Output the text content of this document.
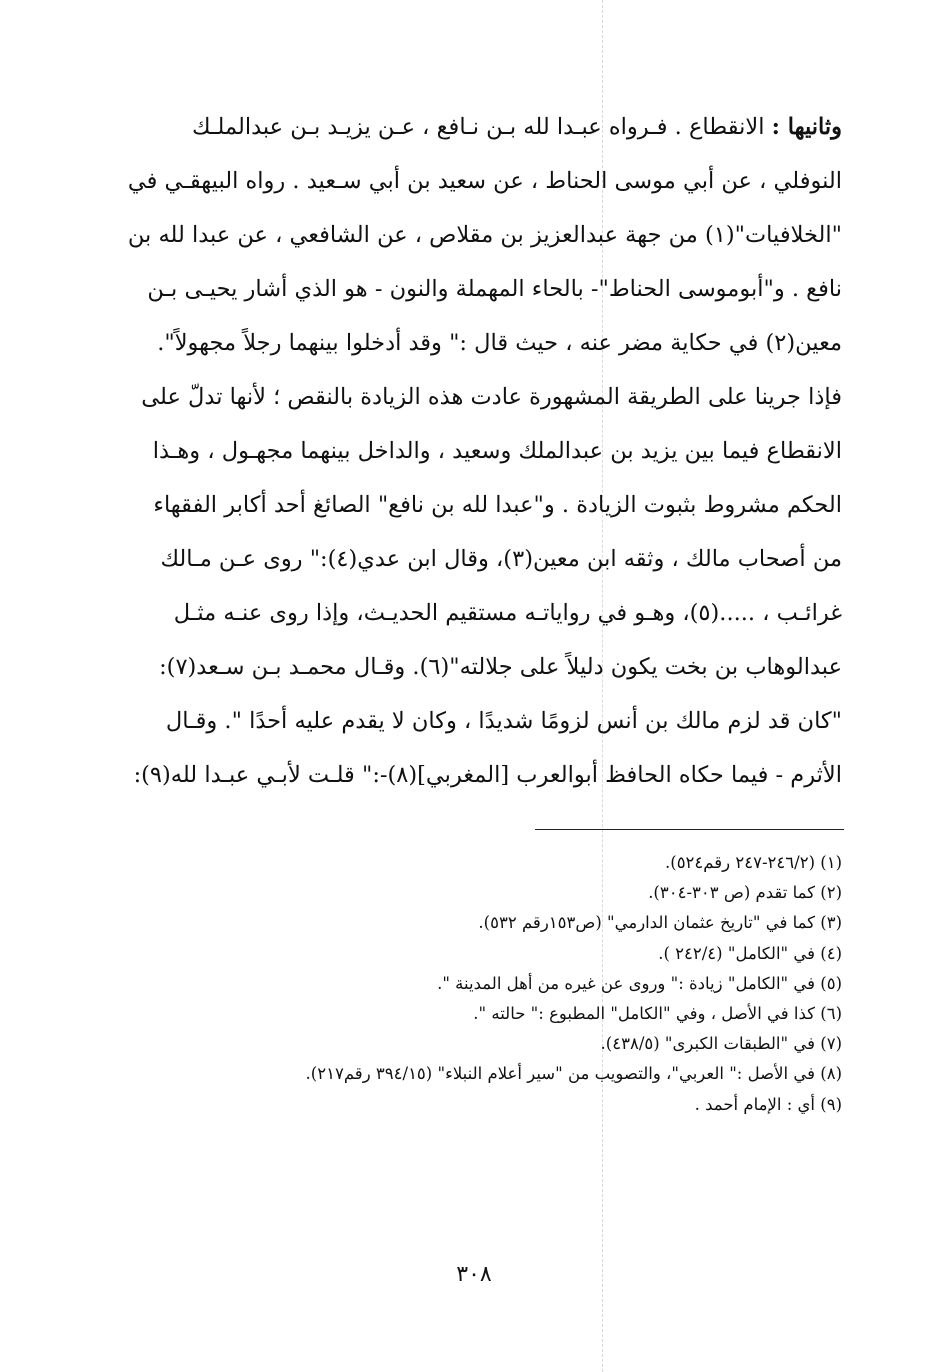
وثانيها : الانقطاع . فـرواه عبـدا لله بـن نـافع ، عـن يزيـد بـن عبدالملـك
النوفلي ، عن أبي موسى الحناط ، عن سعيد بن أبي سـعيد . رواه البيهقـي في
"الخلافيات"(١) من جهة عبدالعزيز بن مقلاص ، عن الشافعي ، عن عبدا لله بن
نافع . و"أبوموسى الحناط"- بالحاء المهملة والنون - هو الذي أشار يحيـى بـن
معين(٢) في حكاية مضر عنه ، حيث قال :" وقد أدخلوا بينهما رجلاً مجهولاً".
فإذا جرينا على الطريقة المشهورة عادت هذه الزيادة بالنقص ؛ لأنها تدلّ على
الانقطاع فيما بين يزيد بن عبدالملك وسعيد ، والداخل بينهما مجهـول ، وهـذا
الحكم مشروط بثبوت الزيادة . و"عبدا لله بن نافع" الصائغ أحد أكابر الفقهاء
من أصحاب مالك ، وثقه ابن معين(٣)، وقال ابن عدي(٤):" روى عـن مـالك
غرائـب ، .....(٥)، وهـو في رواياتـه مستقيم الحديـث، وإذا روى عنـه مثـل
عبدالوهاب بن بخت يكون دليلاً على جلالته"(٦). وقـال محمـد بـن سـعد(٧):
"كان قد لزم مالك بن أنس لزومًا شديدًا ، وكان لا يقدم عليه أحدًا ". وقـال
الأثرم - فيما حكاه الحافظ أبوالعرب [المغربي](٨)-:" قلـت لأبـي عبـدا لله(٩):
(١) (٢٤٦/٢-٢٤٧ رقم٥٢٤).
(٢) كما تقدم (ص ٣٠٣-٣٠٤).
(٣) كما في "تاريخ عثمان الدارمي" (ص١٥٣رقم ٥٣٢).
(٤) في "الكامل" (٢٤٢/٤ ).
(٥) في "الكامل" زيادة :" وروى عن غيره من أهل المدينة ".
(٦) كذا في الأصل ، وفي "الكامل" المطبوع :" حالته ".
(٧) في "الطبقات الكبرى" (٤٣٨/٥).
(٨) في الأصل :" العربي"، والتصويب من "سير أعلام النبلاء" (٣٩٤/١٥ رقم٢١٧).
(٩) أي : الإمام أحمد .
٣٠٨
